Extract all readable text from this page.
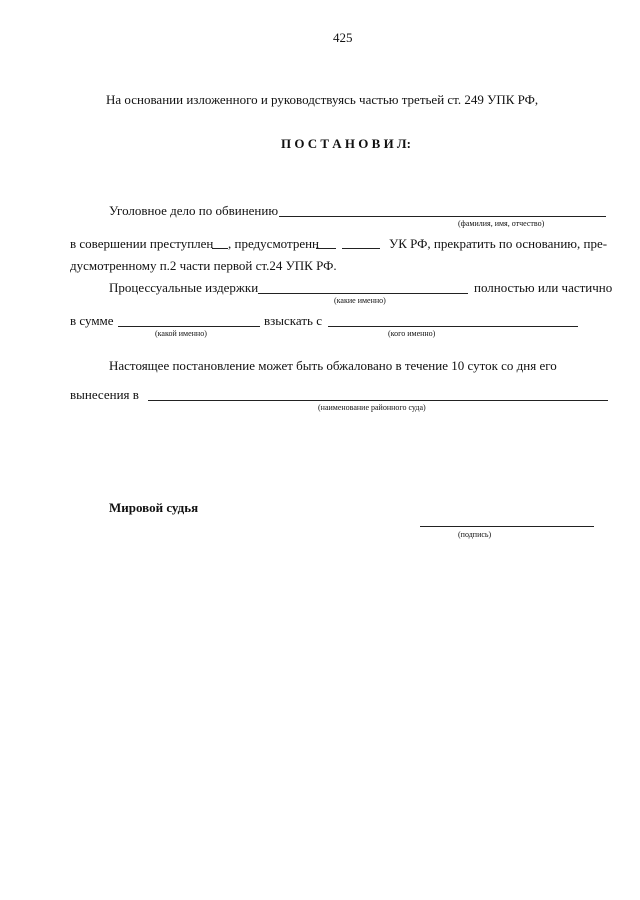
425
На основании изложенного и руководствуясь частью третьей ст. 249 УПК РФ,
П О С Т А Н О В И Л:
Уголовное дело по обвинению
(фамилия, имя, отчество)
в совершении преступлен , предусмотренн	УК РФ, прекратить по основанию, пре-
дусмотренному п.2 части первой ст.24 УПК РФ.
Процессуальные издержки	полностью или частично
(какие именно)
в сумме	взыскать с
(какой именно)	(кого именно)
Настоящее постановление может быть обжаловано в течение 10 суток со дня его
вынесения в
(наименование районного суда)
Мировой судья
(подпись)
